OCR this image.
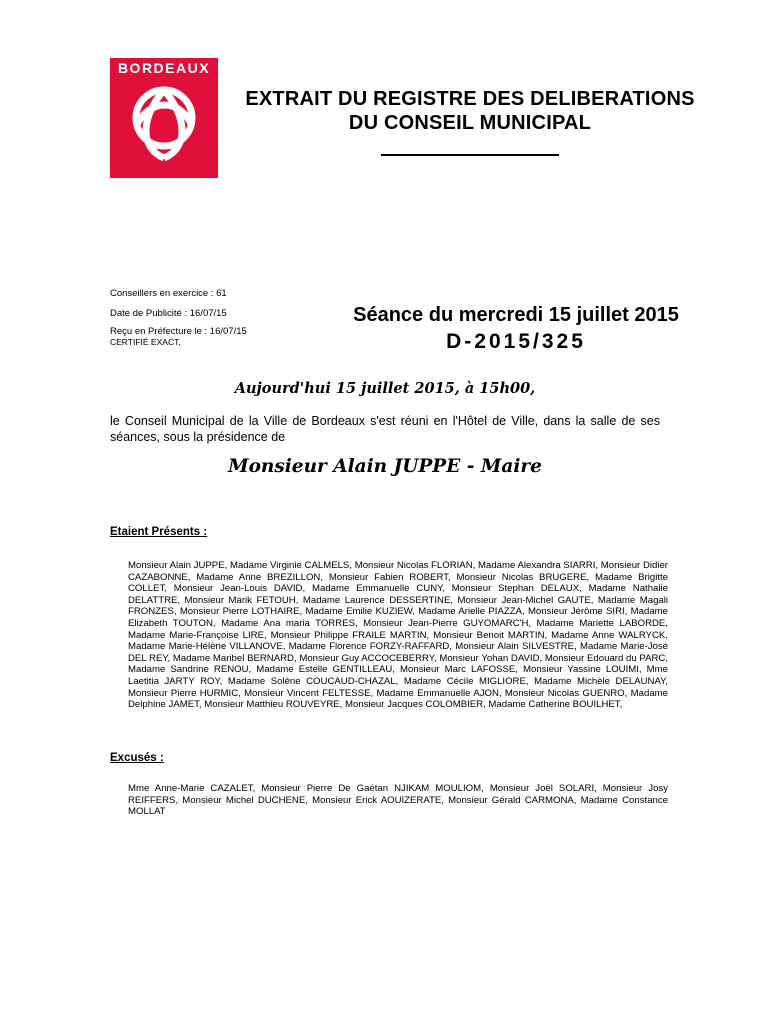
BORDEAUX
EXTRAIT DU REGISTRE DES DELIBERATIONS
DU CONSEIL MUNICIPAL
Conseillers en exercice : 61
Date de Publicité : 16/07/15
Reçu en Préfecture le : 16/07/15
CERTIFIÉ EXACT,
Séance du mercredi 15 juillet 2015
D-2015/325
Aujourd'hui 15 juillet 2015, à 15h00,
le Conseil Municipal de la Ville de Bordeaux s'est réuni en l'Hôtel de Ville, dans la salle de ses séances, sous la présidence de
Monsieur Alain JUPPE - Maire
Etaient Présents :
Monsieur Alain JUPPE, Madame Virginie CALMELS, Monsieur Nicolas FLORIAN, Madame Alexandra SIARRI, Monsieur Didier CAZABONNE, Madame Anne BREZILLON, Monsieur Fabien ROBERT, Monsieur Nicolas BRUGERE, Madame Brigitte COLLET, Monsieur Jean-Louis DAVID, Madame Emmanuelle CUNY, Monsieur Stephan DELAUX, Madame Nathalie DELATTRE, Monsieur Marik FETOUH, Madame Laurence DESSERTINE, Monsieur Jean-Michel GAUTE, Madame Magali FRONZES, Monsieur Pierre LOTHAIRE, Madame Emilie KUZIEW, Madame Arielle PIAZZA, Monsieur Jérôme SIRI, Madame Elizabeth TOUTON, Madame Ana maria TORRES, Monsieur Jean-Pierre GUYOMARC'H, Madame Mariette LABORDE, Madame Marie-Françoise LIRE, Monsieur Philippe FRAILE MARTIN, Monsieur Benoit MARTIN, Madame Anne WALRYCK, Madame Marie-Hélène VILLANOVE, Madame Florence FORZY-RAFFARD, Monsieur Alain SILVESTRE, Madame Marie-José DEL REY, Madame Maribel BERNARD, Monsieur Guy ACCOCEBERRY, Monsieur Yohan DAVID, Monsieur Edouard du PARC, Madame Sandrine RENOU, Madame Estelle GENTILLEAU, Monsieur Marc LAFOSSE, Monsieur Yassine LOUIMI, Mme Laetitia JARTY ROY, Madame Solène COUCAUD-CHAZAL, Madame Cécile MIGLIORE, Madame Michèle DELAUNAY, Monsieur Pierre HURMIC, Monsieur Vincent FELTESSE, Madame Emmanuelle AJON, Monsieur Nicolas GUENRO, Madame Delphine JAMET, Monsieur Matthieu ROUVEYRE, Monsieur Jacques COLOMBIER, Madame Catherine BOUILHET,
Excusés :
Mme Anne-Marie CAZALET, Monsieur Pierre De Gaétan NJIKAM MOULIOM, Monsieur Joël SOLARI, Monsieur Josy REIFFERS, Monsieur Michel DUCHENE, Monsieur Erick AOUIZERATE, Monsieur Gérald CARMONA, Madame Constance MOLLAT
